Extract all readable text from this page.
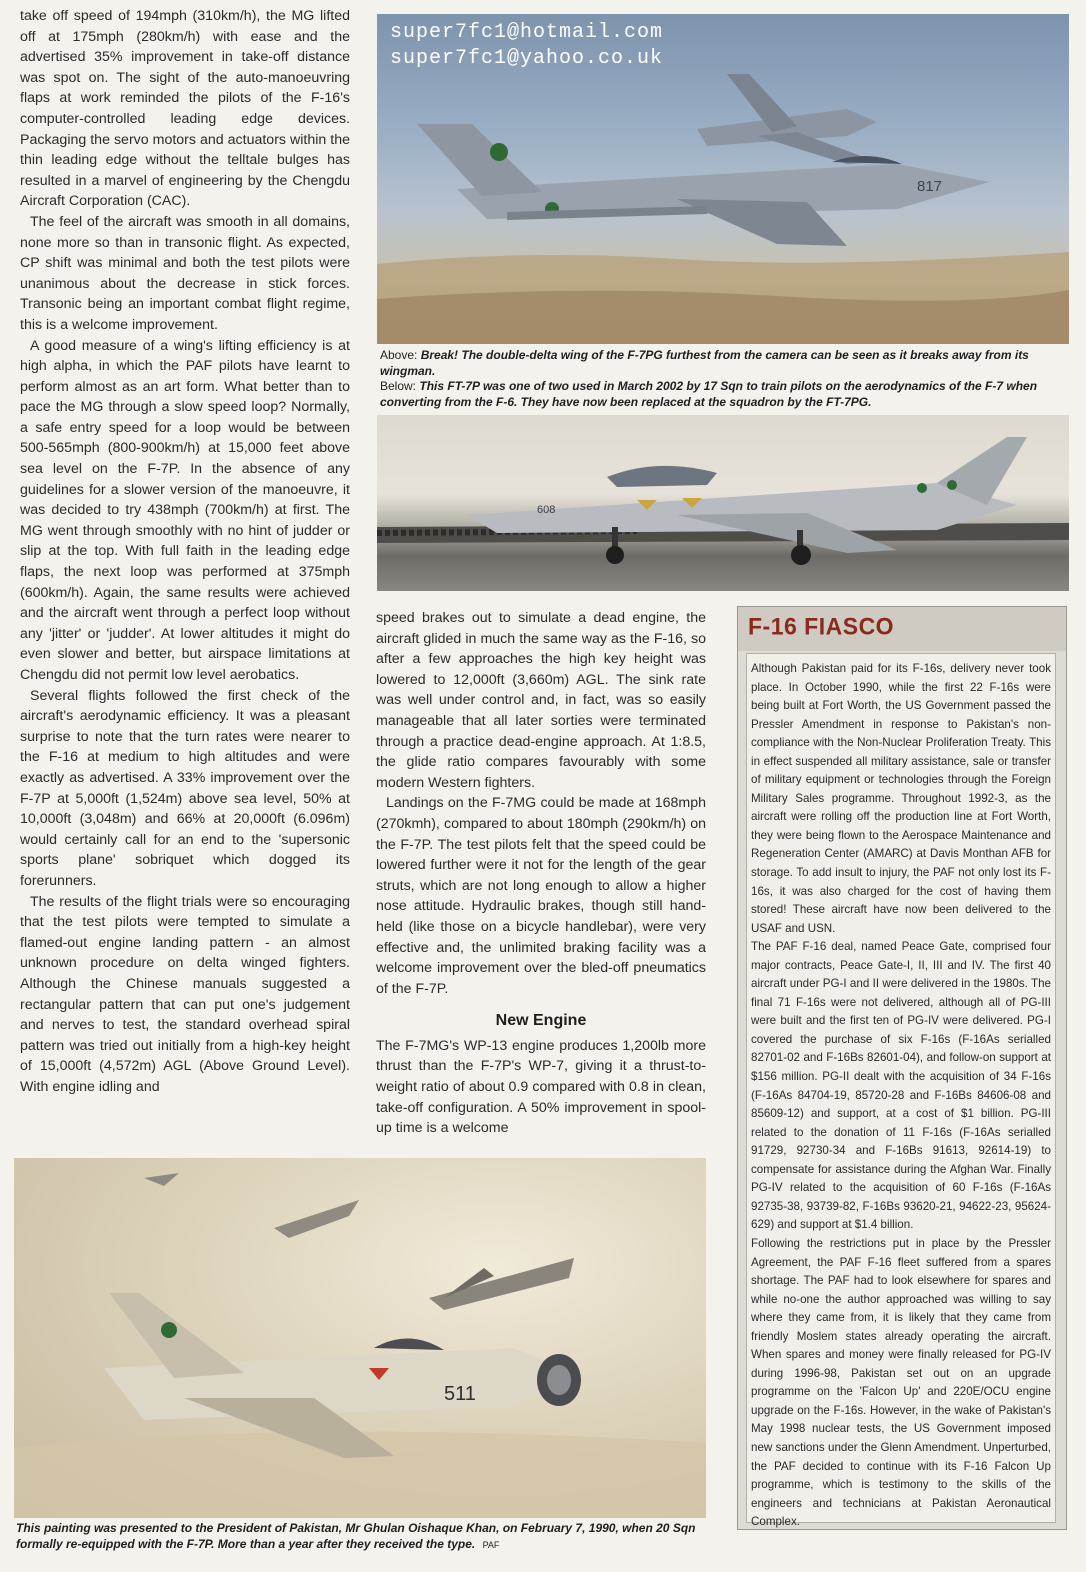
take off speed of 194mph (310km/h), the MG lifted off at 175mph (280km/h) with ease and the advertised 35% improvement in take-off distance was spot on. The sight of the auto-manoeuvring flaps at work reminded the pilots of the F-16's computer-controlled leading edge devices. Packaging the servo motors and actuators within the thin leading edge without the telltale bulges has resulted in a marvel of engineering by the Chengdu Aircraft Corporation (CAC).

The feel of the aircraft was smooth in all domains, none more so than in transonic flight. As expected, CP shift was minimal and both the test pilots were unanimous about the decrease in stick forces. Transonic being an important combat flight regime, this is a welcome improvement.

A good measure of a wing's lifting efficiency is at high alpha, in which the PAF pilots have learnt to perform almost as an art form. What better than to pace the MG through a slow speed loop? Normally, a safe entry speed for a loop would be between 500-565mph (800-900km/h) at 15,000 feet above sea level on the F-7P. In the absence of any guidelines for a slower version of the manoeuvre, it was decided to try 438mph (700km/h) at first. The MG went through smoothly with no hint of judder or slip at the top. With full faith in the leading edge flaps, the next loop was performed at 375mph (600km/h). Again, the same results were achieved and the aircraft went through a perfect loop without any 'jitter' or 'judder'. At lower altitudes it might do even slower and better, but airspace limitations at Chengdu did not permit low level aerobatics.

Several flights followed the first check of the aircraft's aerodynamic efficiency. It was a pleasant surprise to note that the turn rates were nearer to the F-16 at medium to high altitudes and were exactly as advertised. A 33% improvement over the F-7P at 5,000ft (1,524m) above sea level, 50% at 10,000ft (3,048m) and 66% at 20,000ft (6.096m) would certainly call for an end to the 'supersonic sports plane' sobriquet which dogged its forerunners.

The results of the flight trials were so encouraging that the test pilots were tempted to simulate a flamed-out engine landing pattern - an almost unknown procedure on delta winged fighters. Although the Chinese manuals suggested a rectangular pattern that can put one's judgement and nerves to test, the standard overhead spiral pattern was tried out initially from a high-key height of 15,000ft (4,572m) AGL (Above Ground Level). With engine idling and

817
super7fc1@hotmail.com
super7fc1@yahoo.co.uk
Above: Break! The double-delta wing of the F-7PG furthest from the camera can be seen as it breaks away from its wingman.
Below: This FT-7P was one of two used in March 2002 by 17 Sqn to train pilots on the aerodynamics of the F-7 when converting from the F-6. They have now been replaced at the squadron by the FT-7PG.
608

speed brakes out to simulate a dead engine, the aircraft glided in much the same way as the F-16, so after a few approaches the high key height was lowered to 12,000ft (3,660m) AGL. The sink rate was well under control and, in fact, was so easily manageable that all later sorties were terminated through a practice dead-engine approach. At 1:8.5, the glide ratio compares favourably with some modern Western fighters.

Landings on the F-7MG could be made at 168mph (270kmh), compared to about 180mph (290km/h) on the F-7P. The test pilots felt that the speed could be lowered further were it not for the length of the gear struts, which are not long enough to allow a higher nose attitude. Hydraulic brakes, though still hand-held (like those on a bicycle handlebar), were very effective and, the unlimited braking facility was a welcome improvement over the bled-off pneumatics of the F-7P.

New Engine

The F-7MG's WP-13 engine produces 1,200lb more thrust than the F-7P's WP-7, giving it a thrust-to-weight ratio of about 0.9 compared with 0.8 in clean, take-off configuration. A 50% improvement in spool-up time is a welcome

511
This painting was presented to the President of Pakistan, Mr Ghulan Oishaque Khan, on February 7, 1990, when 20 Sqn formally re-equipped with the F-7P. More than a year after they received the type. PAF
F-16 FIASCO

Although Pakistan paid for its F-16s, delivery never took place. In October 1990, while the first 22 F-16s were being built at Fort Worth, the US Government passed the Pressler Amendment in response to Pakistan's non-compliance with the Non-Nuclear Proliferation Treaty. This in effect suspended all military assistance, sale or transfer of military equipment or technologies through the Foreign Military Sales programme. Throughout 1992-3, as the aircraft were rolling off the production line at Fort Worth, they were being flown to the Aerospace Maintenance and Regeneration Center (AMARC) at Davis Monthan AFB for storage. To add insult to injury, the PAF not only lost its F-16s, it was also charged for the cost of having them stored! These aircraft have now been delivered to the USAF and USN.

The PAF F-16 deal, named Peace Gate, comprised four major contracts, Peace Gate-I, II, III and IV. The first 40 aircraft under PG-I and II were delivered in the 1980s. The final 71 F-16s were not delivered, although all of PG-III were built and the first ten of PG-IV were delivered. PG-I covered the purchase of six F-16s (F-16As serialled 82701-02 and F-16Bs 82601-04), and follow-on support at $156 million. PG-II dealt with the acquisition of 34 F-16s (F-16As 84704-19, 85720-28 and F-16Bs 84606-08 and 85609-12) and support, at a cost of $1 billion. PG-III related to the donation of 11 F-16s (F-16As serialled 91729, 92730-34 and F-16Bs 91613, 92614-19) to compensate for assistance during the Afghan War. Finally PG-IV related to the acquisition of 60 F-16s (F-16As 92735-38, 93739-82, F-16Bs 93620-21, 94622-23, 95624-629) and support at $1.4 billion.

Following the restrictions put in place by the Pressler Agreement, the PAF F-16 fleet suffered from a spares shortage. The PAF had to look elsewhere for spares and while no-one the author approached was willing to say where they came from, it is likely that they came from friendly Moslem states already operating the aircraft. When spares and money were finally released for PG-IV during 1996-98, Pakistan set out on an upgrade programme on the 'Falcon Up' and 220E/OCU engine upgrade on the F-16s. However, in the wake of Pakistan's May 1998 nuclear tests, the US Government imposed new sanctions under the Glenn Amendment. Unperturbed, the PAF decided to continue with its F-16 Falcon Up programme, which is testimony to the skills of the engineers and technicians at Pakistan Aeronautical Complex.
